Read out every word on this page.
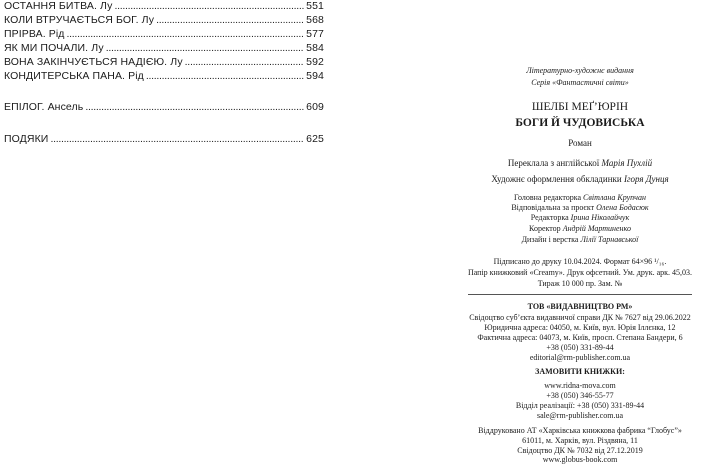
ОСТАННЯ БИТВА. Лу . . .	551
КОЛИ ВТРУЧАЄТЬСЯ БОГ. Лу . . .	568
ПРІРВА. Рід . . .	577
ЯК МИ ПОЧАЛИ. Лу . . .	584
ВОНА ЗАКІНЧУЄТЬСЯ НАДІЄЮ. Лу . . .	592
КОНДИТЕРСЬКА ПАНА. Рід . . .	594
ЕПІЛОГ. Ансель . . .	609
ПОДЯКИ . . .	625
Літературно-художнє видання
Серія «Фантастичні світи»
ШЕЛБІ МЕҐ’ЮРІН
БОГИ Й ЧУДОВИСЬКА
Роман
Переклала з англійської Марія Пухлій
Художнє оформлення обкладинки Ігоря Дунця
Головна редакторка Світлана Крупчан
Відповідальна за проєкт Олена Бодасюк
Редакторка Ірина Ніколайчук
Коректор Андрій Мартиненко
Дизайн і верстка Лілії Тарнавської
Підписано до друку 10.04.2024. Формат 64×96 ¹/₁₆.
Папір книжковий «Creamy». Друк офсетний. Ум. друк. арк. 45,03.
Тираж 10 000 пр. Зам. №
ТОВ «ВИДАВНИЦТВО РМ»
Свідоцтво суб’єкта видавничої справи ДК № 7627 від 29.06.2022
Юридична адреса: 04050, м. Київ, вул. Юрія Іллєнка, 12
Фактична адреса: 04073, м. Київ, просп. Степана Бандери, 6
+38 (050) 331-89-44
editorial@rm-publisher.com.ua
ЗАМОВИТИ КНИЖКИ:
www.ridna-mova.com
+38 (050) 346-55-77
Відділ реалізації: +38 (050) 331-89-44
sale@rm-publisher.com.ua
Віддруковано АТ «Харківська книжкова фабрика “Глобус”»
61011, м. Харків, вул. Різдвяна, 11
Свідоцтво ДК № 7032 від 27.12.2019
www.globus-book.com
